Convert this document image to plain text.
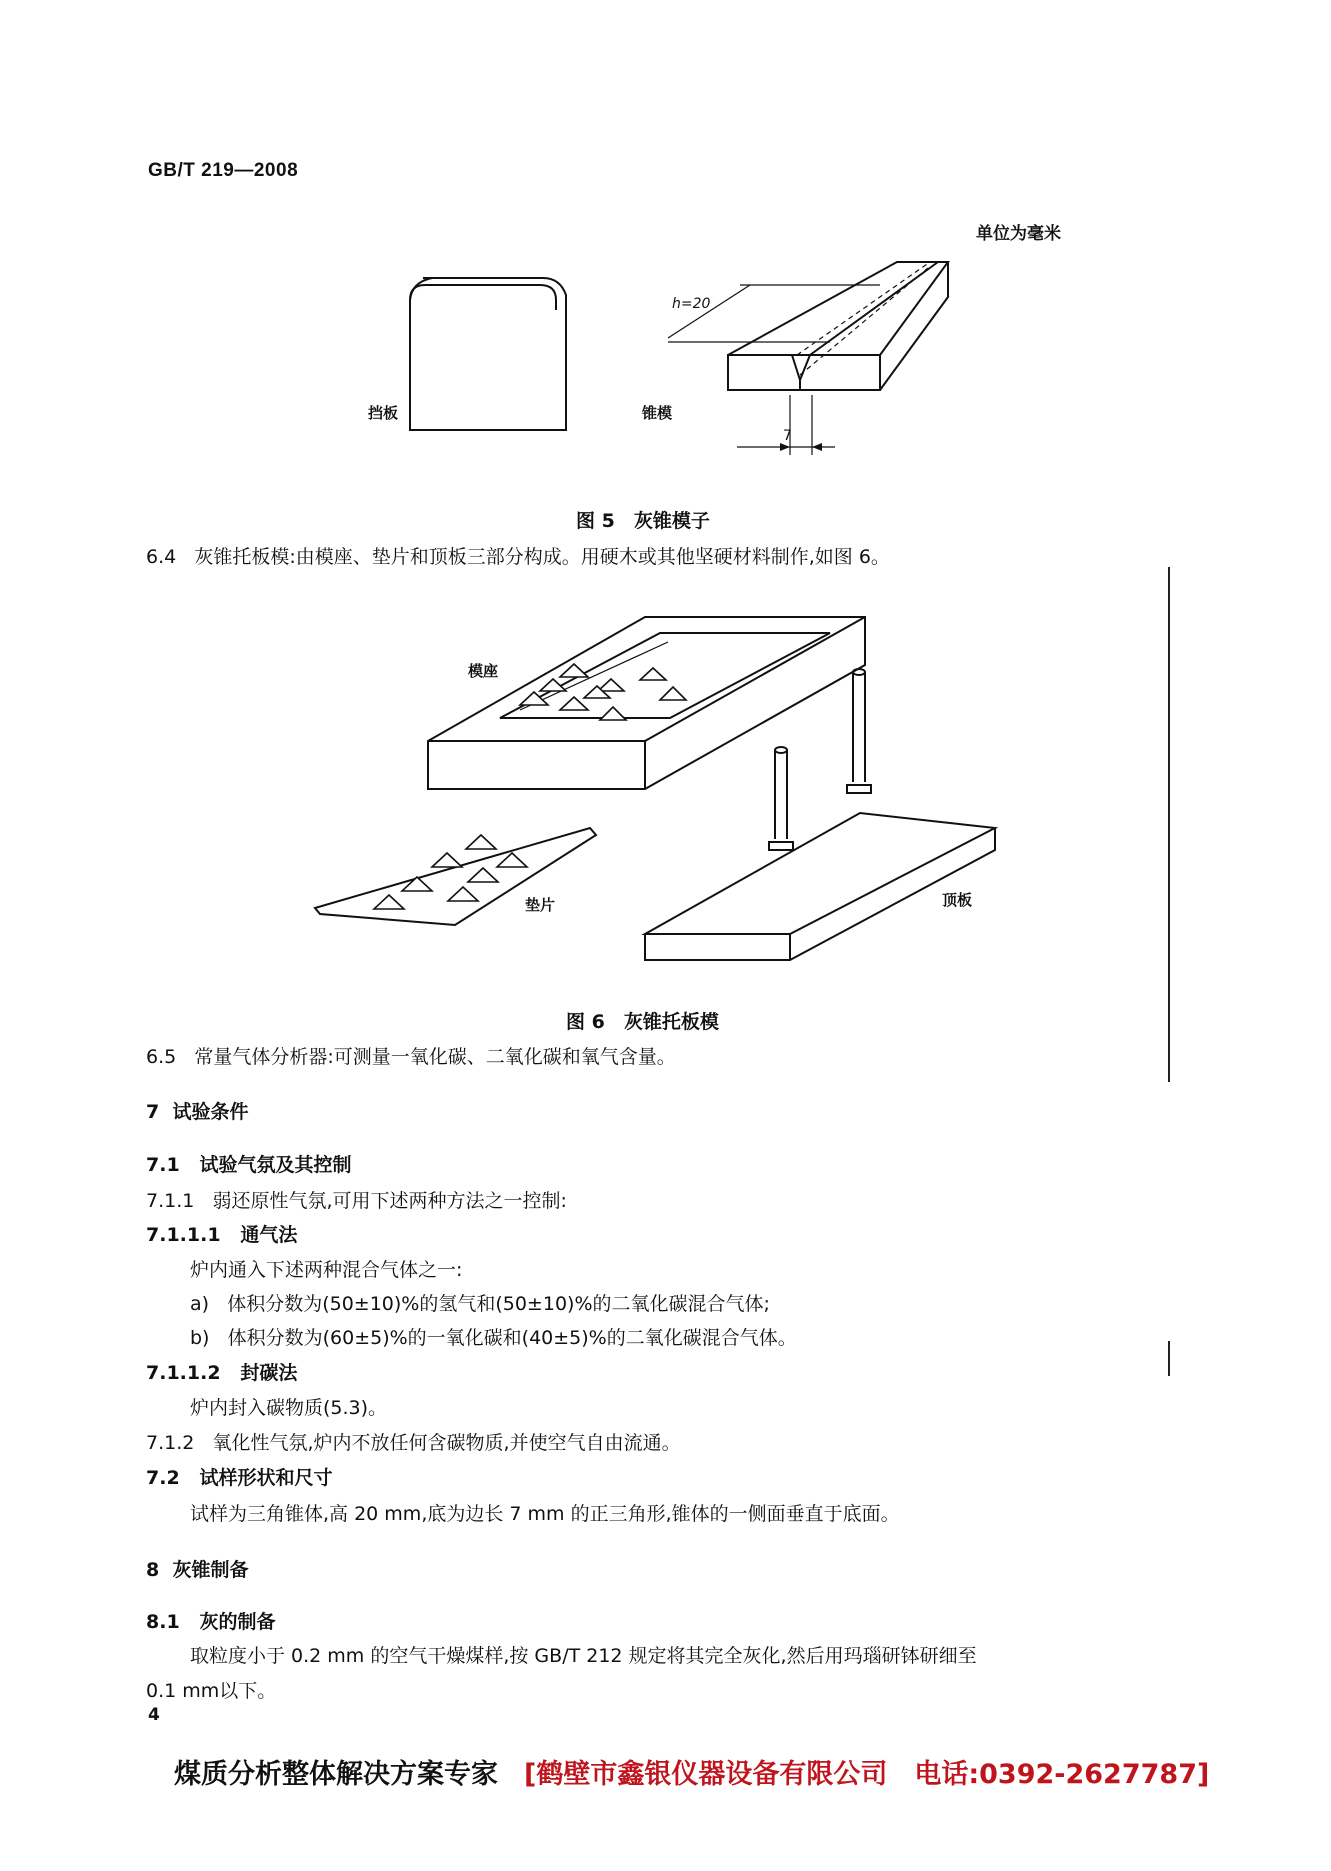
GB/T 219—2008
单位为毫米
挡板	锥模
h=20
7
图 5　灰锥模子
6.4 灰锥托板模:由模座、垫片和顶板三部分构成。用硬木或其他坚硬材料制作,如图 6。
模座
垫片	顶板
图 6　灰锥托板模
6.5 常量气体分析器:可测量一氧化碳、二氧化碳和氧气含量。
7 试验条件
7.1 试验气氛及其控制
7.1.1 弱还原性气氛,可用下述两种方法之一控制:
7.1.1.1 通气法
炉内通入下述两种混合气体之一:
a) 体积分数为(50±10)%的氢气和(50±10)%的二氧化碳混合气体;
b) 体积分数为(60±5)%的一氧化碳和(40±5)%的二氧化碳混合气体。
7.1.1.2 封碳法
炉内封入碳物质(5.3)。
7.1.2 氧化性气氛,炉内不放任何含碳物质,并使空气自由流通。
7.2 试样形状和尺寸
试样为三角锥体,高 20 mm,底为边长 7 mm 的正三角形,锥体的一侧面垂直于底面。
8 灰锥制备
8.1 灰的制备
取粒度小于 0.2 mm 的空气干燥煤样,按 GB/T 212 规定将其完全灰化,然后用玛瑙研钵研细至
0.1 mm以下。
4
煤质分析整体解决方案专家 [鹤壁市鑫银仪器设备有限公司　电话:0392-2627787]
